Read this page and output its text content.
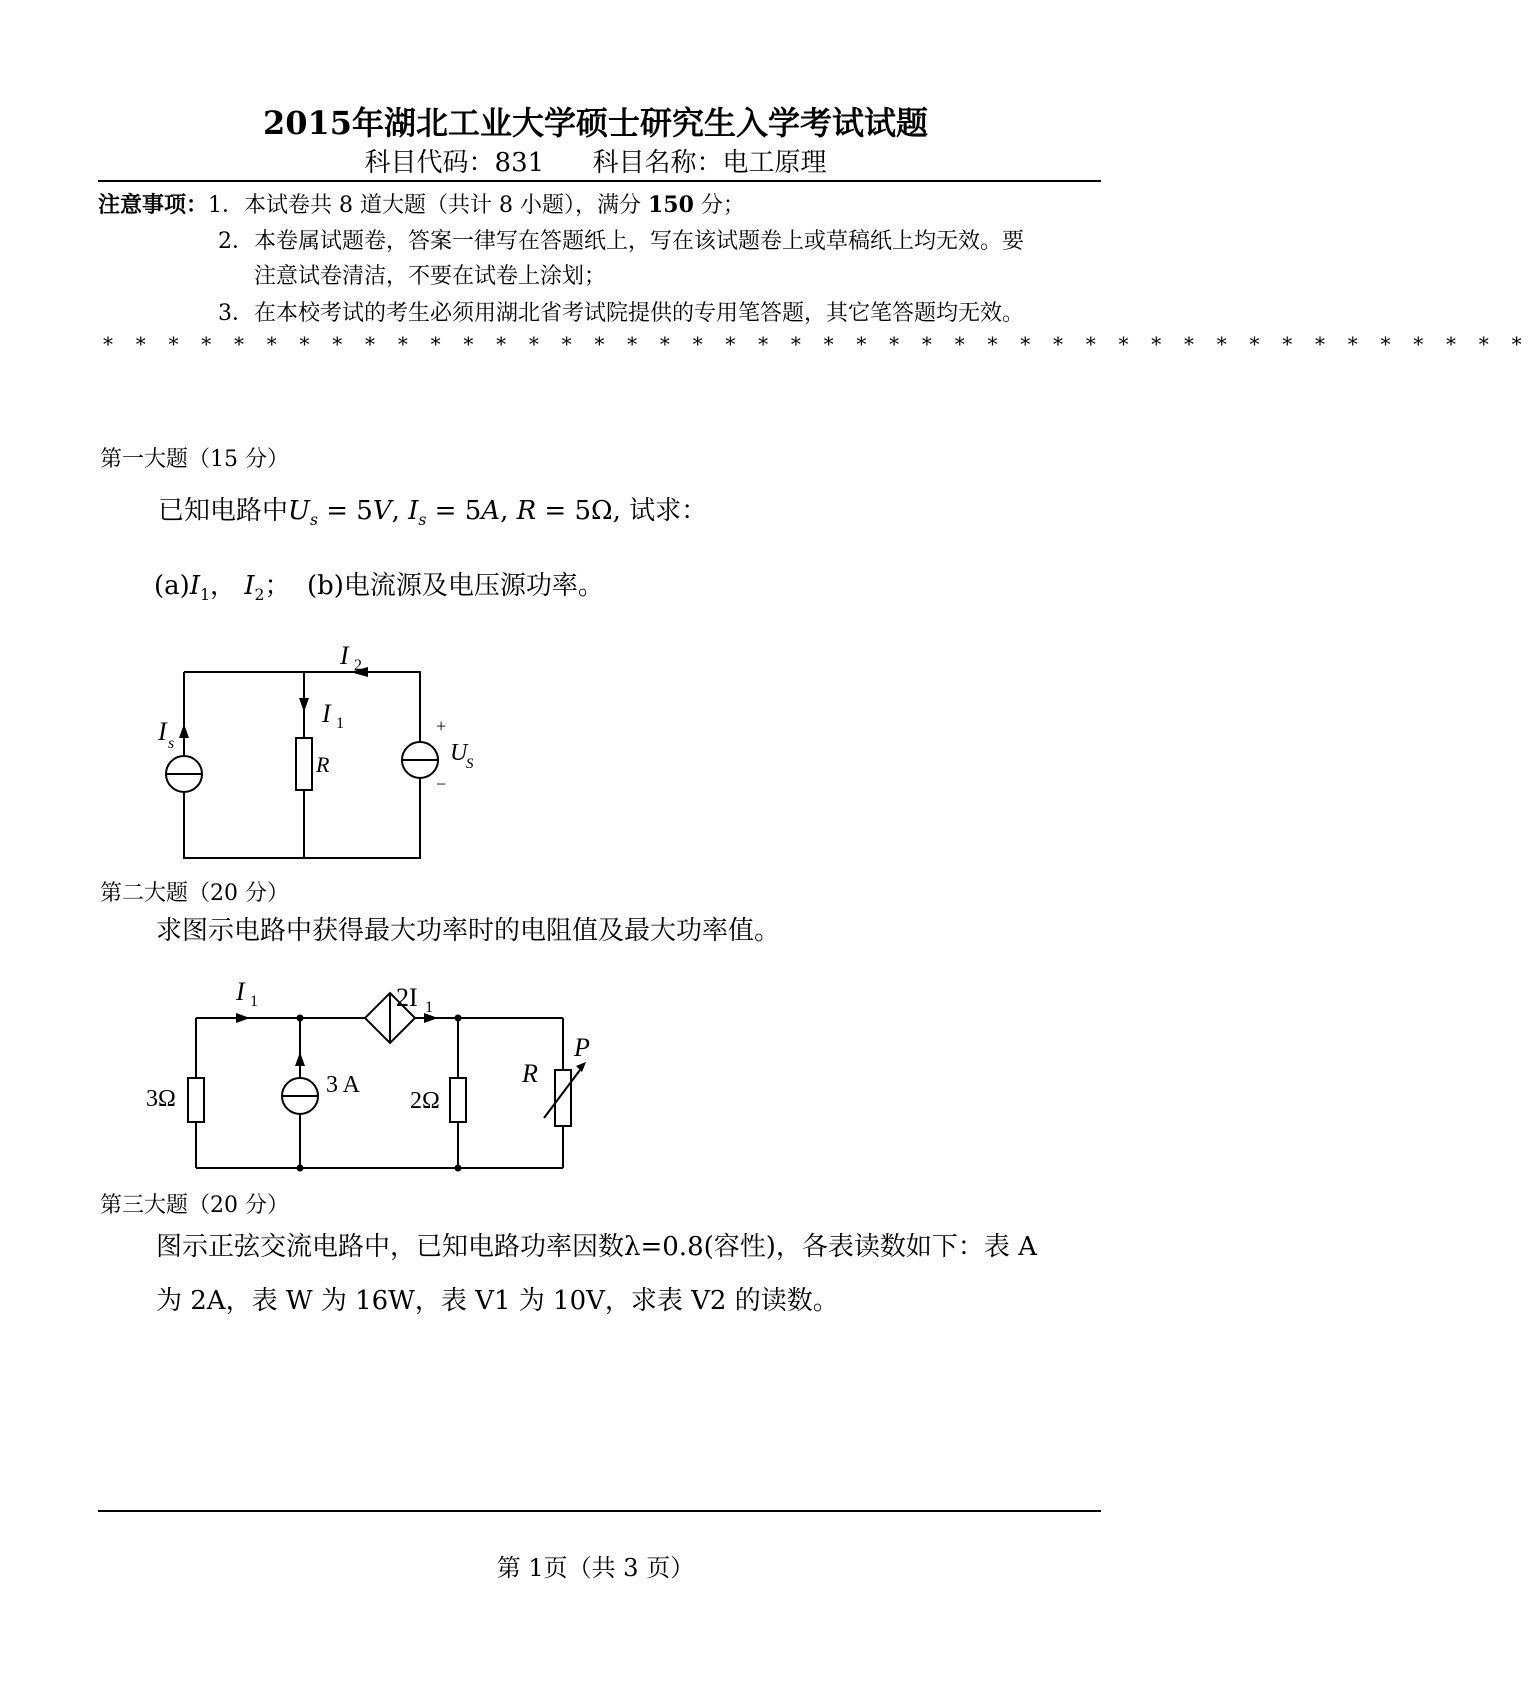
2015年湖北工业大学硕士研究生入学考试试题
科目代码：831 科目名称：电工原理
注意事项：1．本试卷共 8 道大题（共计 8 小题），满分 150 分；
2．本卷属试题卷，答案一律写在答题纸上，写在该试题卷上或草稿纸上均无效。要
注意试卷清洁，不要在试卷上涂划；
3．在本校考试的考生必须用湖北省考试院提供的专用笔答题，其它笔答题均无效。
* * * * * * * * * * * * * * * * * * * * * * * * * * * * * * * * * * * * * * * * * * * *
第一大题（15 分）
已知电路中$U_s = 5V$, $I_s = 5A$, R = 5Ω, 试求：
$(a)I_1$， $I_2$；  (b)电流源及电压源功率。
I 2
I 1
I s
R
+
U
S
−
第二大题（20 分）
求图示电路中获得最大功率时的电阻值及最大功率值。
I 1	2I 1
3Ω
3 A
2Ω
R
P
第三大题（20 分）
图示正弦交流电路中，已知电路功率因数λ=0.8(容性)，各表读数如下：表 A
为 2A，表 W 为 16W，表 V1 为 10V，求表 V2 的读数。
第 1页（共 3 页）
